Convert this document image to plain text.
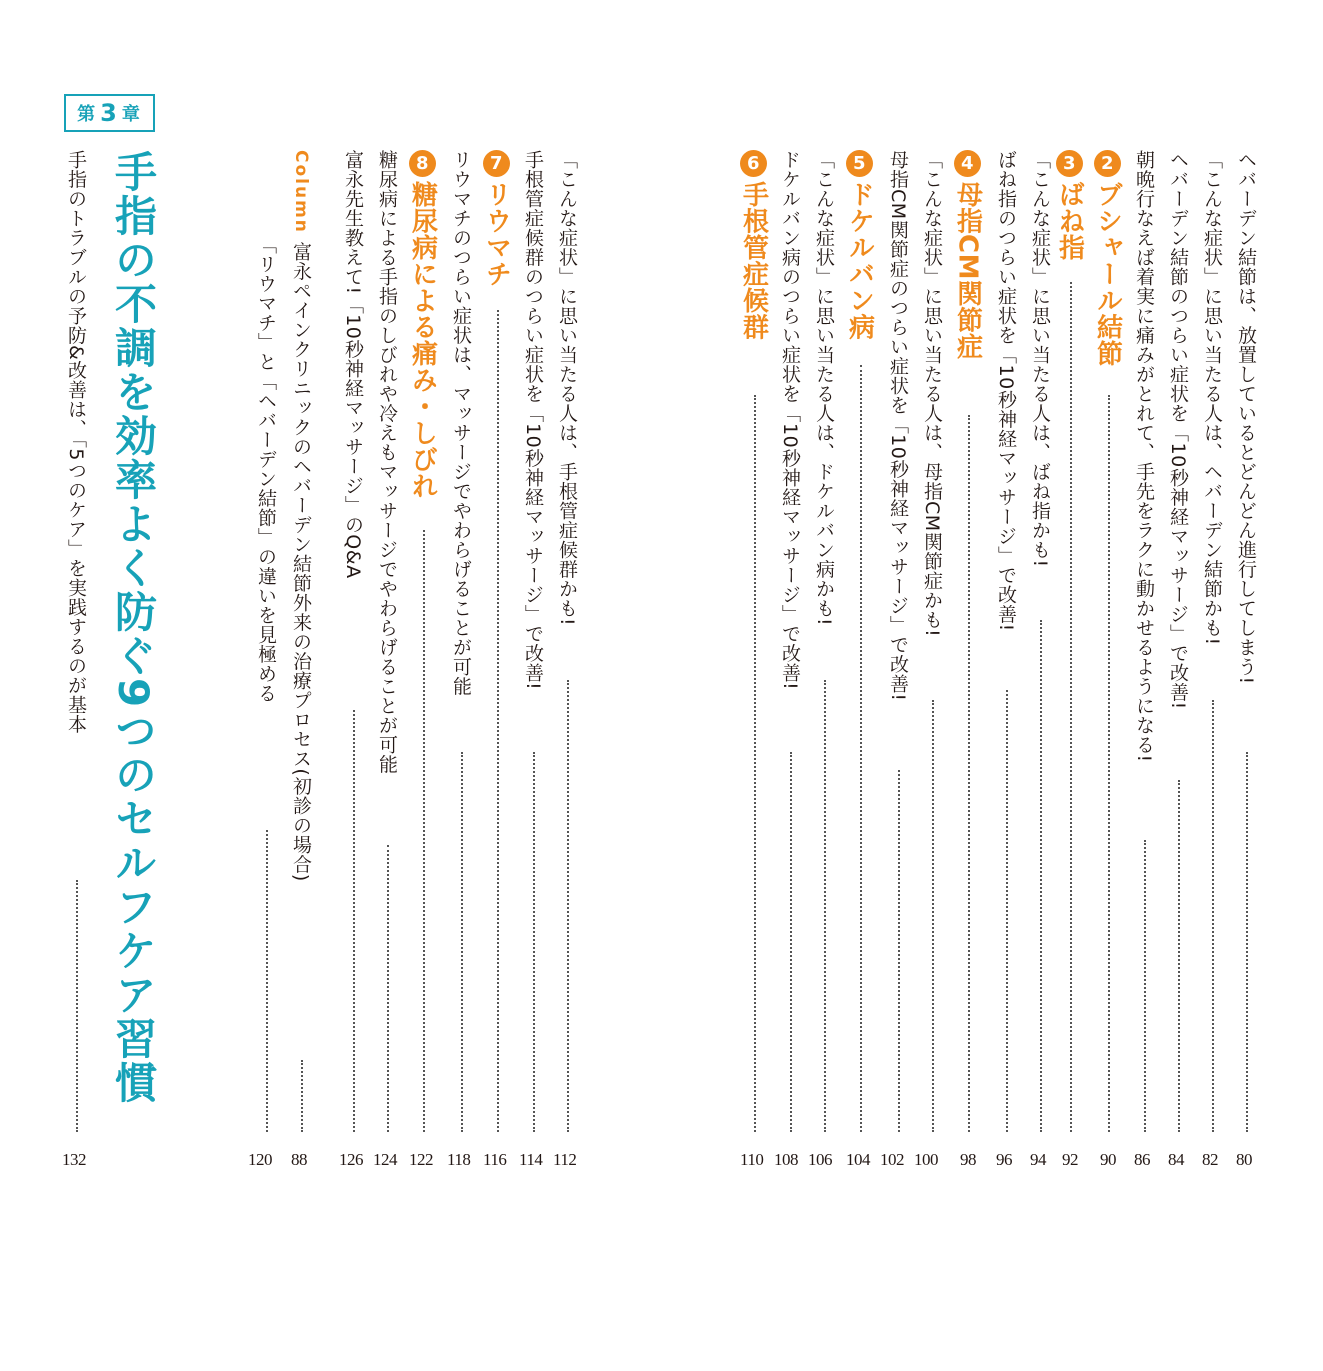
ヘバーデン結節は、放置しているとどんどん進行してしまう!
80
「こんな症状」に思い当たる人は、ヘバーデン結節かも!
82
ヘバーデン結節のつらい症状を「10秒神経マッサージ」で改善!
84
朝晩行なえば着実に痛みがとれて、手先をラクに動かせるようになる!
86
2ブシャール結節
90
3ばね指
92
「こんな症状」に思い当たる人は、ばね指かも!
94
ばね指のつらい症状を「10秒神経マッサージ」で改善!
96
4母指CM関節症
98
「こんな症状」に思い当たる人は、母指CM関節症かも!
100
母指CM関節症のつらい症状を「10秒神経マッサージ」で改善!
102
5ドケルバン病
104
「こんな症状」に思い当たる人は、ドケルバン病かも!
106
ドケルバン病のつらい症状を「10秒神経マッサージ」で改善!
108
6手根管症候群
110
「こんな症状」に思い当たる人は、手根管症候群かも!
112
手根管症候群のつらい症状を「10秒神経マッサージ」で改善!
114
7リウマチ
116
リウマチのつらい症状は、マッサージでやわらげることが可能
118
8糖尿病による痛み・しびれ
122
糖尿病による手指のしびれや冷えもマッサージでやわらげることが可能
124
富永先生教えて!「10秒神経マッサージ」のQ&A
126
Column富永ペインクリニックのヘバーデン結節外来の治療プロセス(初診の場合)
88
「リウマチ」と「ヘバーデン結節」の違いを見極める
120
第 3 章
手指の不調を効率よく防ぐ9つのセルフケア習慣
手指のトラブルの予防&改善は、「5つのケア」を実践するのが基本
132
